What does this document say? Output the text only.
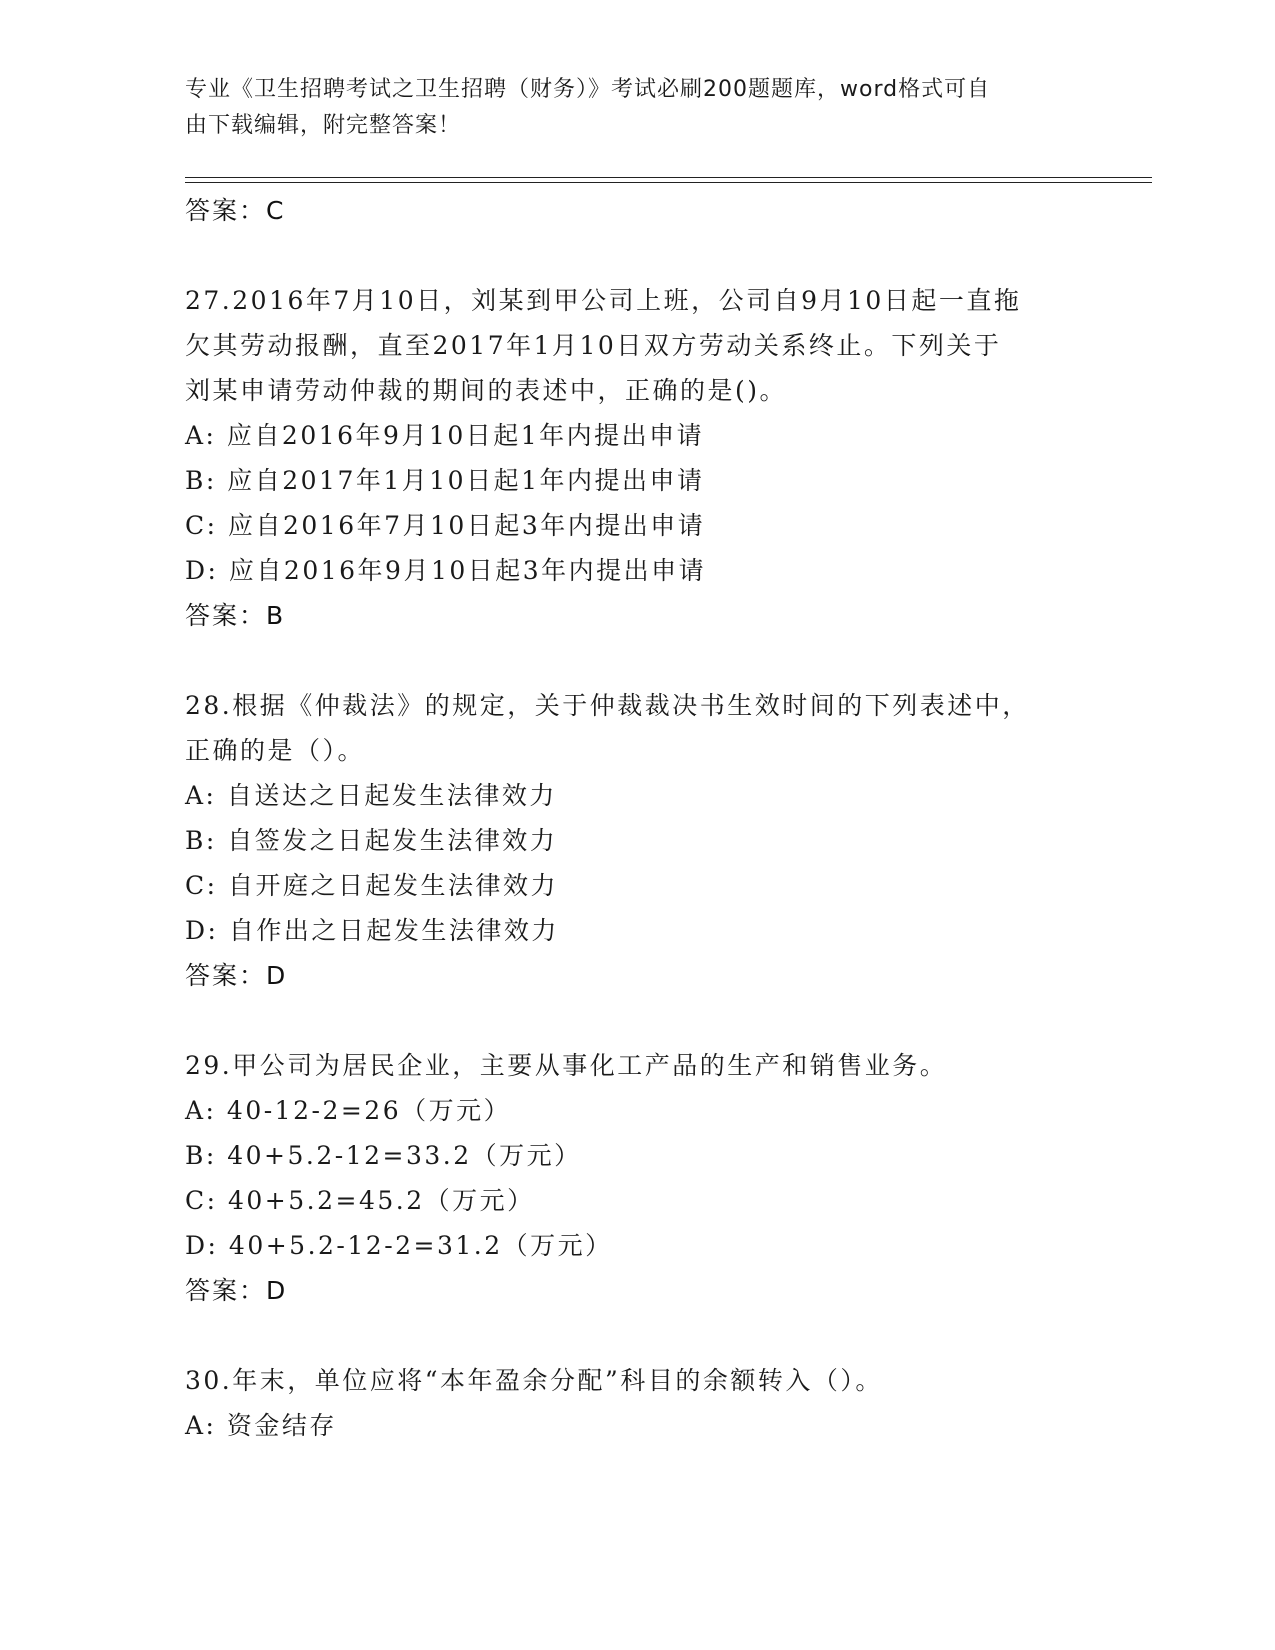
专业《卫生招聘考试之卫生招聘（财务）》考试必刷200题题库，word格式可自
由下载编辑，附完整答案！
答案：C
27.2016年7月10日，刘某到甲公司上班，公司自9月10日起一直拖
欠其劳动报酬，直至2017年1月10日双方劳动关系终止。下列关于
刘某申请劳动仲裁的期间的表述中，正确的是()。
A: 应自2016年9月10日起1年内提出申请
B: 应自2017年1月10日起1年内提出申请
C: 应自2016年7月10日起3年内提出申请
D: 应自2016年9月10日起3年内提出申请
答案：B
28.根据《仲裁法》的规定，关于仲裁裁决书生效时间的下列表述中，
正确的是（）。
A: 自送达之日起发生法律效力
B: 自签发之日起发生法律效力
C: 自开庭之日起发生法律效力
D: 自作出之日起发生法律效力
答案：D
29.甲公司为居民企业，主要从事化工产品的生产和销售业务。
A: 40-12-2=26（万元）
B: 40+5.2-12=33.2（万元）
C: 40+5.2=45.2（万元）
D: 40+5.2-12-2=31.2（万元）
答案：D
30.年末，单位应将“本年盈余分配”科目的余额转入（）。
A: 资金结存
